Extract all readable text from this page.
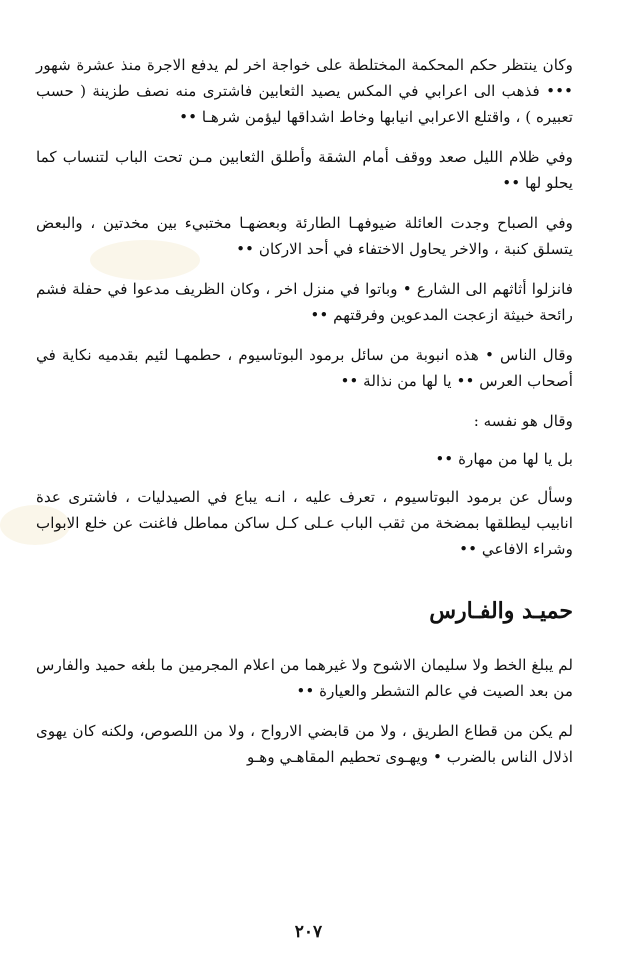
وكان ينتظر حكم المحكمة المختلطة على خواجة اخر لم يدفع الاجرة منذ عشرة شهور ••• فذهب الى اعرابي في المكس يصيد الثعابين فاشترى منه نصف طزينة ( حسب تعبيره ) ، واقتلع الاعرابي انيابها وخاط اشداقها ليؤمن شرهـا ••

وفي ظلام الليل صعد ووقف أمام الشقة وأطلق الثعابين مـن تحت الباب لتنساب كما يحلو لها ••

وفي الصباح وجدت العائلة ضيوفهـا الطارئة وبعضهـا مختبيء بين مخدتين ، والبعض يتسلق كنبة ، والاخر يحاول الاختفاء في أحد الاركان ••

فانزلوا أثاثهم الى الشارع • وباتوا في منزل اخر ، وكان الظريف مدعوا في حفلة فشم رائحة خبيثة ازعجت المدعوين وفرقتهم ••

وقال الناس • هذه انبوبة من سائل برمود البوتاسيوم ، حطمهـا لئيم بقدميه نكاية في أصحاب العرس •• يا لها من نذالة ••

وقال هو نفسه :

بل يا لها من مهارة ••

وسأل عن برمود البوتاسيوم ، تعرف عليه ، انـه يباع في الصيدليات ، فاشترى عدة انابيب ليطلقها بمضخة من ثقب الباب عـلى كـل ساكن مماطل فاغنت عن خلع الابواب وشراء الافاعي ••

حميـد والفـارس

لم يبلغ الخط ولا سليمان الاشوح ولا غيرهما من اعلام المجرمين ما بلغه حميد والفارس من بعد الصيت في عالم التشطر والعيارة ••

لم يكن من قطاع الطريق ، ولا من قابضي الارواح ، ولا من اللصوص، ولكنه كان يهوى اذلال الناس بالضرب • ويهـوى تحطيم المقاهـي وهـو

٢٠٧
